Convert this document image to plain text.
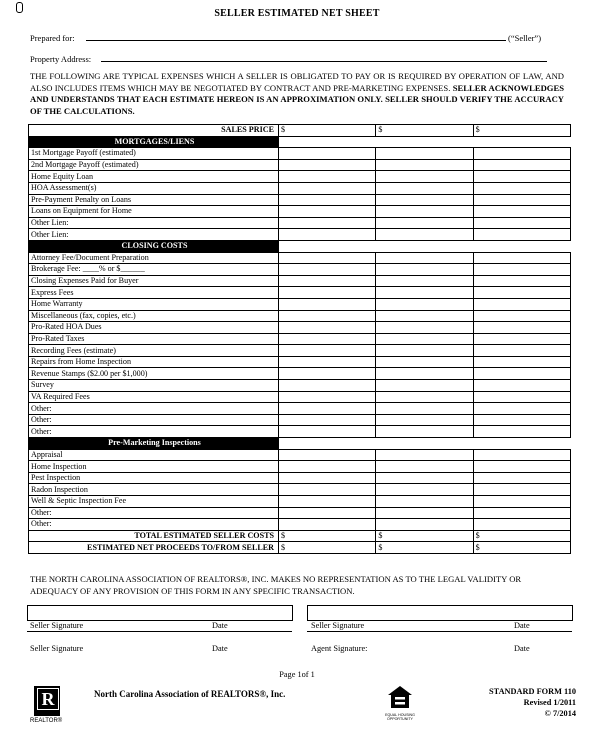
SELLER ESTIMATED NET SHEET
Prepared for:	(“Seller”)
Property Address:
THE FOLLOWING ARE TYPICAL EXPENSES WHICH A SELLER IS OBLIGATED TO PAY OR IS REQUIRED BY OPERATION OF LAW, AND ALSO INCLUDES ITEMS WHICH MAY BE NEGOTIATED BY CONTRACT AND PRE-MARKETING EXPENSES. SELLER ACKNOWLEDGES AND UNDERSTANDS THAT EACH ESTIMATE HEREON IS AN APPROXIMATION ONLY. SELLER SHOULD VERIFY THE ACCURACY OF THE CALCULATIONS.
SALES PRICE	$	$	$
MORTGAGES/LIENS			
1st Mortgage Payoff (estimated)			
2nd Mortgage Payoff (estimated)			
Home Equity Loan			
HOA Assessment(s)			
Pre-Payment Penalty on Loans			
Loans on Equipment for Home			
Other Lien:			
Other Lien:			
CLOSING COSTS			
Attorney Fee/Document Preparation			
Brokerage Fee: ____% or $______			
Closing Expenses Paid for Buyer			
Express Fees			
Home Warranty			
Miscellaneous (fax, copies, etc.)			
Pro-Rated HOA Dues			
Pro-Rated Taxes			
Recording Fees (estimate)			
Repairs from Home Inspection			
Revenue Stamps ($2.00 per $1,000)			
Survey			
VA Required Fees			
Other:			
Other:			
Other:			
Pre-Marketing Inspections			
Appraisal			
Home Inspection			
Pest Inspection			
Radon Inspection			
Well & Septic Inspection Fee			
Other:			
Other:			
TOTAL ESTIMATED SELLER COSTS	$	$	$
ESTIMATED NET PROCEEDS TO/FROM SELLER	$	$	$
THE NORTH CAROLINA ASSOCIATION OF REALTORS®, INC. MAKES NO REPRESENTATION AS TO THE LEGAL VALIDITY OR ADEQUACY OF ANY PROVISION OF THIS FORM IN ANY SPECIFIC TRANSACTION.
Seller Signature	Date	Seller Signature	Date
Seller Signature	Date	Agent Signature:	Date
Page 1of 1
R
REALTOR®
North Carolina Association of REALTORS®, Inc.
EQUAL HOUSING OPPORTUNITY
STANDARD FORM 110
Revised 1/2011
© 7/2014
